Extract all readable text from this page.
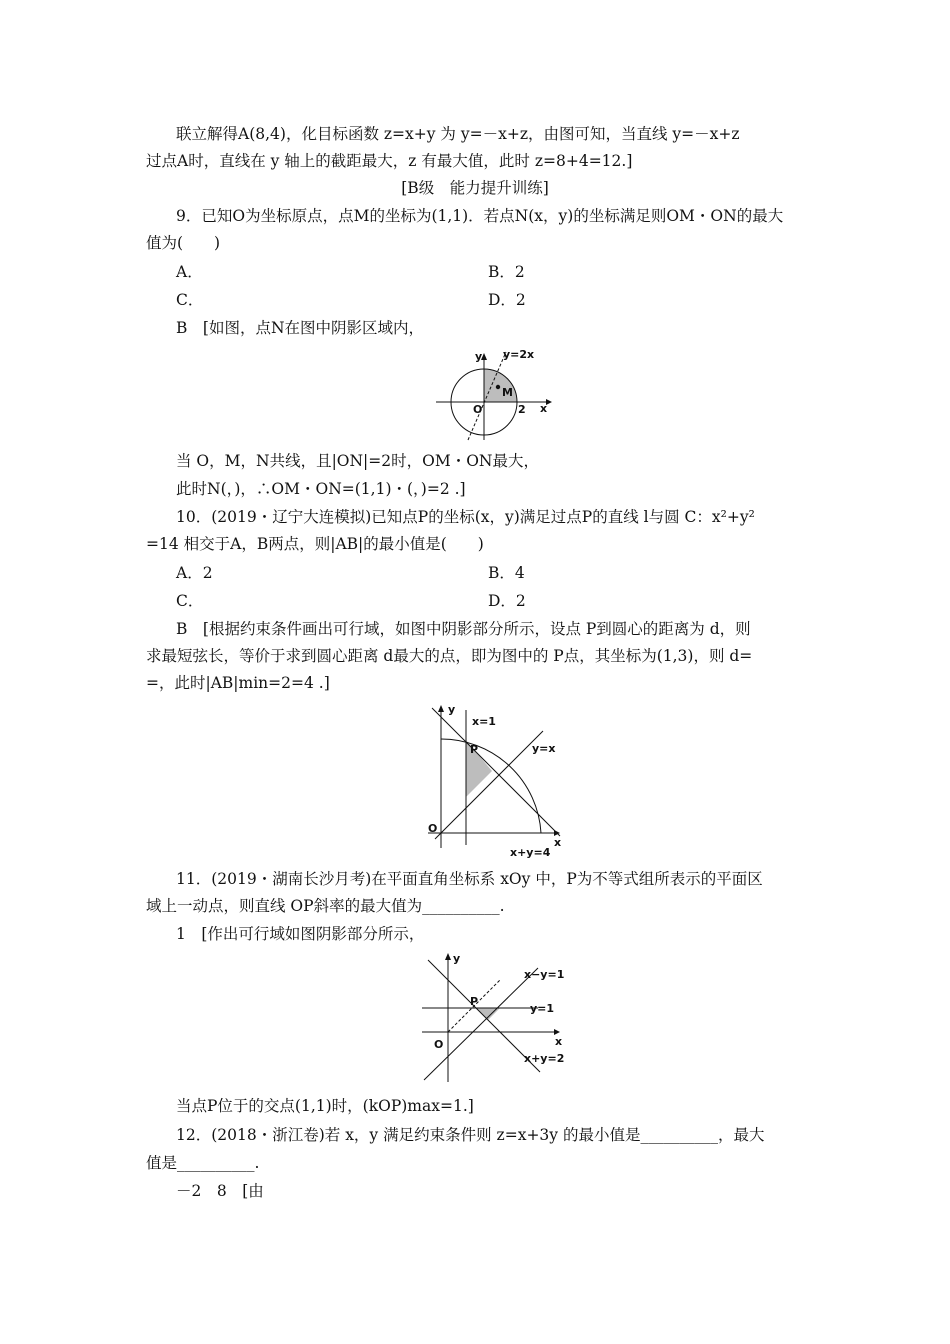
联立解得A(8,4)，化目标函数 z=x+y 为 y=－x+z，由图可知，当直线 y=－x+z
过点A时，直线在 y 轴上的截距最大，z 有最大值，此时 z=8+4=12.]
[B级　能力提升训练]
9．已知O为坐标原点，点M的坐标为(1,1)．若点N(x，y)的坐标满足则OM・ON的最大
值为(　　)
A．	B．2
C．	D．2
B　[如图，点N在图中阴影区域内，
y y=2x
M
O	2 x
当 O，M，N共线，且|ON|=2时，OM・ON最大，
此时N(，)，∴OM・ON=(1,1)・(，)=2 .]
10．(2019・辽宁大连模拟)已知点P的坐标(x，y)满足过点P的直线 l与圆 C：x²+y²
=14 相交于A，B两点，则|AB|的最小值是(　　)
A．2	B．4
C．	D．2
B　[根据约束条件画出可行域，如图中阴影部分所示，设点 P到圆心的距离为 d，则
求最短弦长，等价于求到圆心距离 d最大的点，即为图中的 P点，其坐标为(1,3)，则 d=
=，此时|AB|min=2=4 .]
y
x=1
P	y=x
O
x
x+y=4
11．(2019・湖南长沙月考)在平面直角坐标系 xOy 中，P为不等式组所表示的平面区
域上一动点，则直线 OP斜率的最大值为__________.
1　[作出可行域如图阴影部分所示，
y
x−y=1
P
y=1
x
O
x+y=2
当点P位于的交点(1,1)时，(kOP)max=1.]
12．(2018・浙江卷)若 x，y 满足约束条件则 z=x+3y 的最小值是__________，最大
值是__________.
－2　8　[由
